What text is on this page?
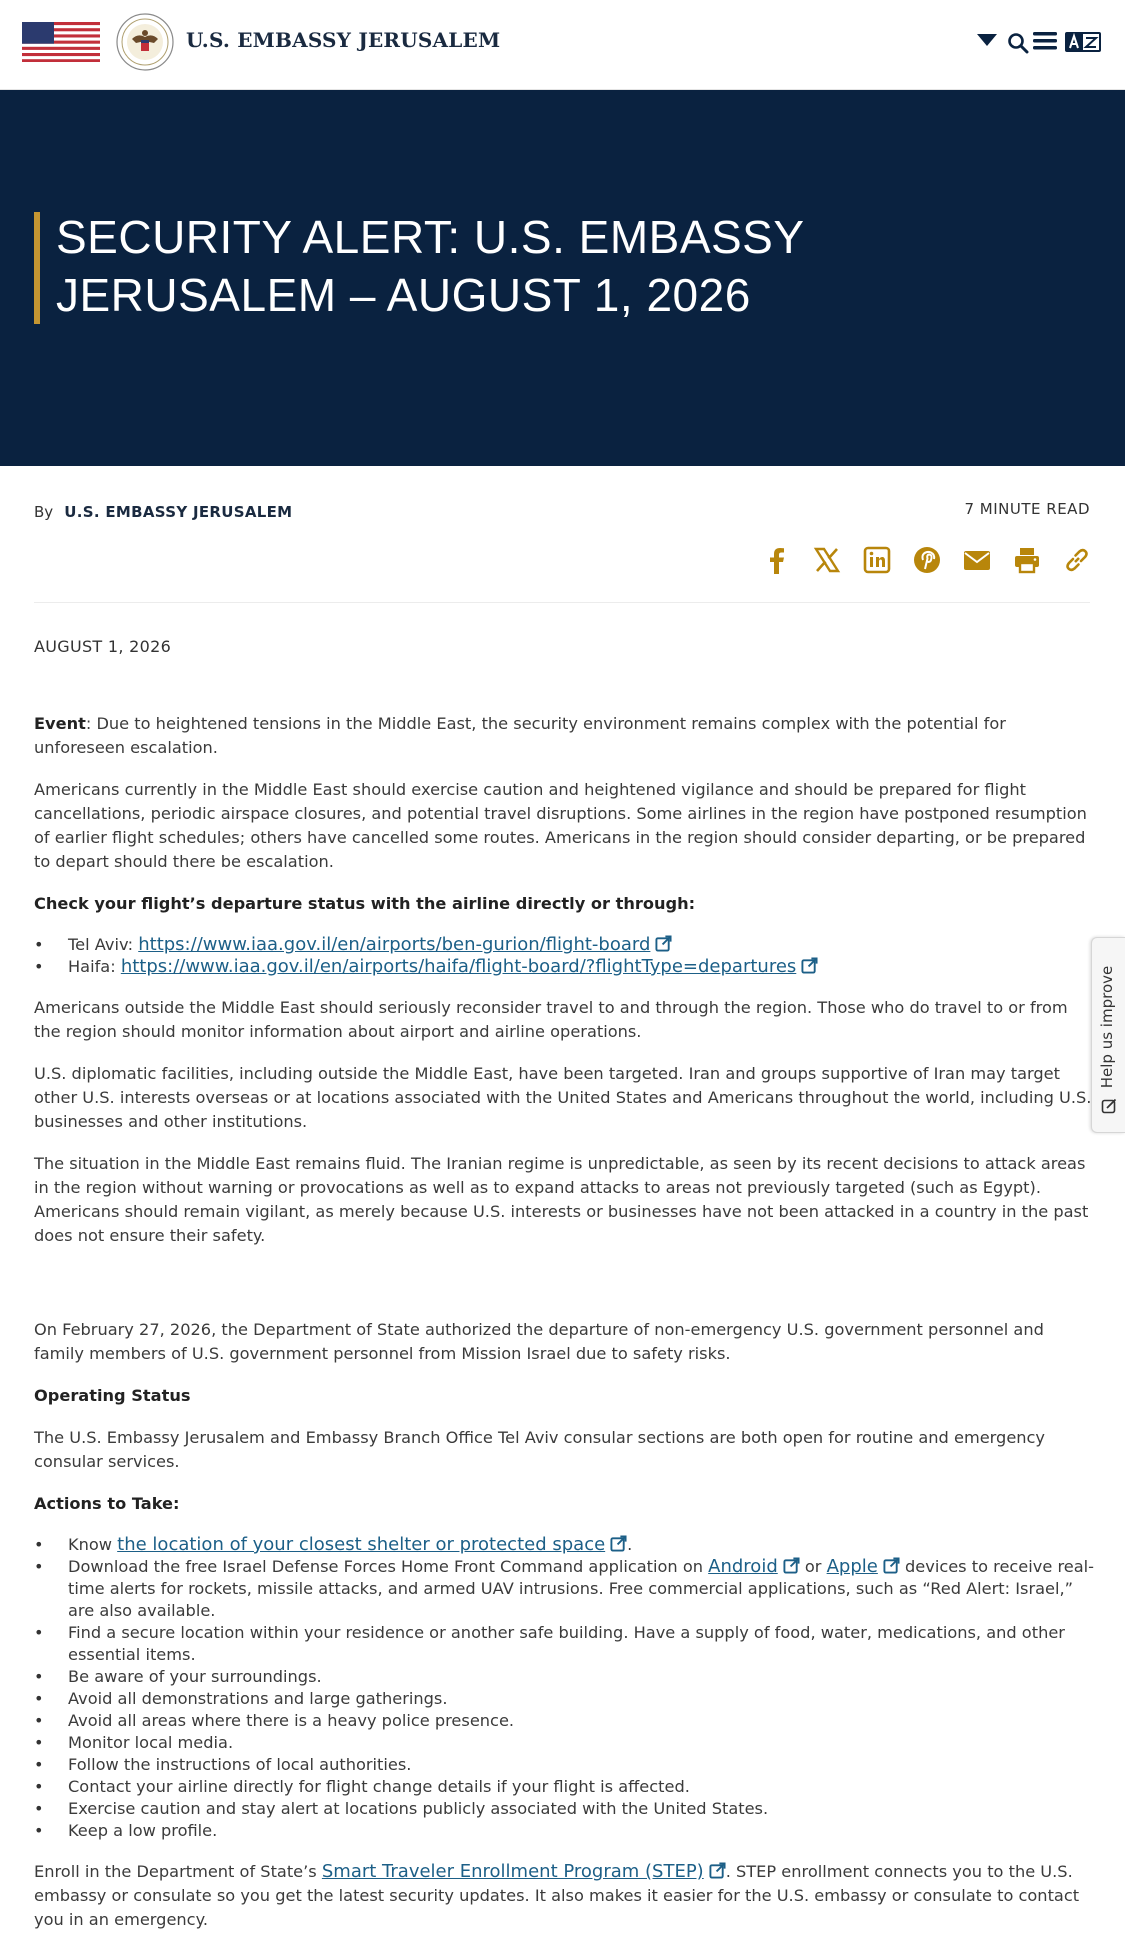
U.S. EMBASSY JERUSALEM
SECURITY ALERT: U.S. EMBASSY JERUSALEM – AUGUST 1, 2026
By U.S. EMBASSY JERUSALEM	7 MINUTE READ
AUGUST 1, 2026

Event: Due to heightened tensions in the Middle East, the security environment remains complex with the potential for unforeseen escalation.

Americans currently in the Middle East should exercise caution and heightened vigilance and should be prepared for flight cancellations, periodic airspace closures, and potential travel disruptions. Some airlines in the region have postponed resumption of earlier flight schedules; others have cancelled some routes. Americans in the region should consider departing, or be prepared to depart should there be escalation.

Check your flight’s departure status with the airline directly or through:

• Tel Aviv: https://www.iaa.gov.il/en/airports/ben-gurion/flight-board
• Haifa: https://www.iaa.gov.il/en/airports/haifa/flight-board/?flightType=departures

Americans outside the Middle East should seriously reconsider travel to and through the region. Those who do travel to or from the region should monitor information about airport and airline operations.

U.S. diplomatic facilities, including outside the Middle East, have been targeted. Iran and groups supportive of Iran may target other U.S. interests overseas or at locations associated with the United States and Americans throughout the world, including U.S. businesses and other institutions.

The situation in the Middle East remains fluid. The Iranian regime is unpredictable, as seen by its recent decisions to attack areas in the region without warning or provocations as well as to expand attacks to areas not previously targeted (such as Egypt). Americans should remain vigilant, as merely because U.S. interests or businesses have not been attacked in a country in the past does not ensure their safety.

On February 27, 2026, the Department of State authorized the departure of non-emergency U.S. government personnel and family members of U.S. government personnel from Mission Israel due to safety risks.

Operating Status

The U.S. Embassy Jerusalem and Embassy Branch Office Tel Aviv consular sections are both open for routine and emergency consular services.

Actions to Take:

• Know the location of your closest shelter or protected space .
• Download the free Israel Defense Forces Home Front Command application on Android or Apple devices to receive real-time alerts for rockets, missile attacks, and armed UAV intrusions. Free commercial applications, such as “Red Alert: Israel,” are also available.
• Find a secure location within your residence or another safe building. Have a supply of food, water, medications, and other essential items.
• Be aware of your surroundings.
• Avoid all demonstrations and large gatherings.
• Avoid all areas where there is a heavy police presence.
• Monitor local media.
• Follow the instructions of local authorities.
• Contact your airline directly for flight change details if your flight is affected.
• Exercise caution and stay alert at locations publicly associated with the United States.
• Keep a low profile.

Enroll in the Department of State’s Smart Traveler Enrollment Program (STEP) . STEP enrollment connects you to the U.S. embassy or consulate so you get the latest security updates. It also makes it easier for the U.S. embassy or consulate to contact you in an emergency.

Help us improve
